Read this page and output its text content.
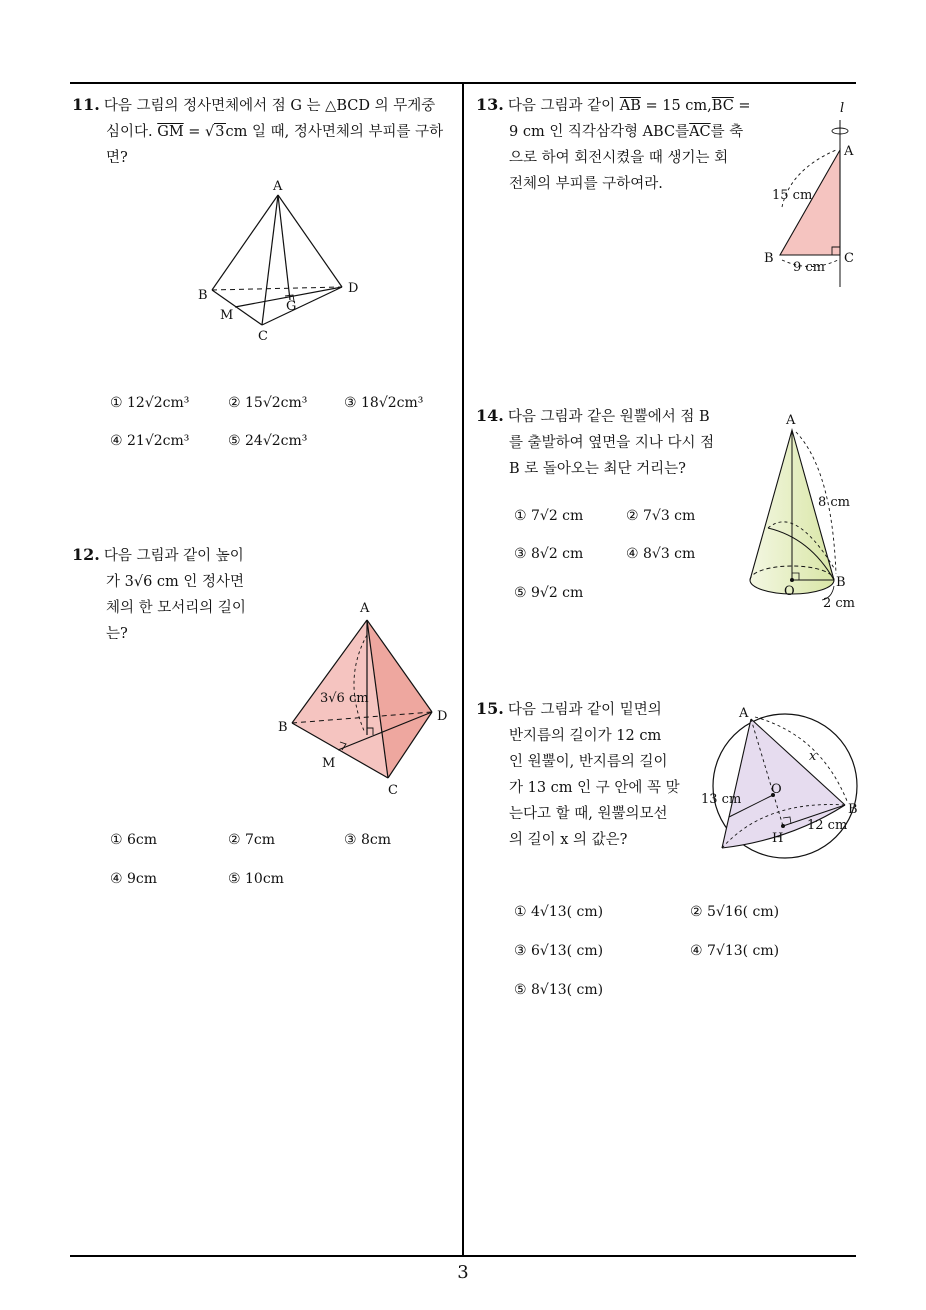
11. 다음 그림의 정사면체에서 점 G 는 △BCD 의 무게중
심이다. $\overline{GM} = √3cm$ 일 때, 정사면체의 부피를 구하
면?
A
B
C
D
G
M
① 12√2cm³	② 15√2cm³	③ 18√2cm³
④ 21√2cm³	⑤ 24√2cm³
12. 다음 그림과 같이 높이
가 3√6 cm 인 정사면
체의 한 모서리의 길이
는?
A
B
C
D
M
3√6 cm
① 6cm	② 7cm	③ 8cm
④ 9cm	⑤ 10cm
13. 다음 그림과 같이 $\overline{AB} = 15$ $cm,\overline{BC}$ =
9 cm 인 직각삼각형 ABC를$\overline{AC}$를 축
으로 하여 회전시켰을 때 생기는 회
전체의 부피를 구하여라.
l
A
B	C
15 cm
9 cm
14. 다음 그림과 같은 원뿔에서 점 B
를 출발하여 옆면을 지나 다시 점
B 로 돌아오는 최단 거리는?
A
B
O
8 cm
2 cm
① 7√2 cm	② 7√3 cm
③ 8√2 cm	④ 8√3 cm
⑤ 9√2 cm
15. 다음 그림과 같이 밑면의
반지름의 길이가 12 cm
인 원뿔이, 반지름의 길이
가 13 cm 인 구 안에 꼭 맞
는다고 할 때, 원뿔의모선
의 길이 x 의 값은?
A
B
O
H
x
13 cm
12 cm
① 4√13( cm)	② 5√16( cm)
③ 6√13( cm)	④ 7√13( cm)
⑤ 8√13( cm)
3
